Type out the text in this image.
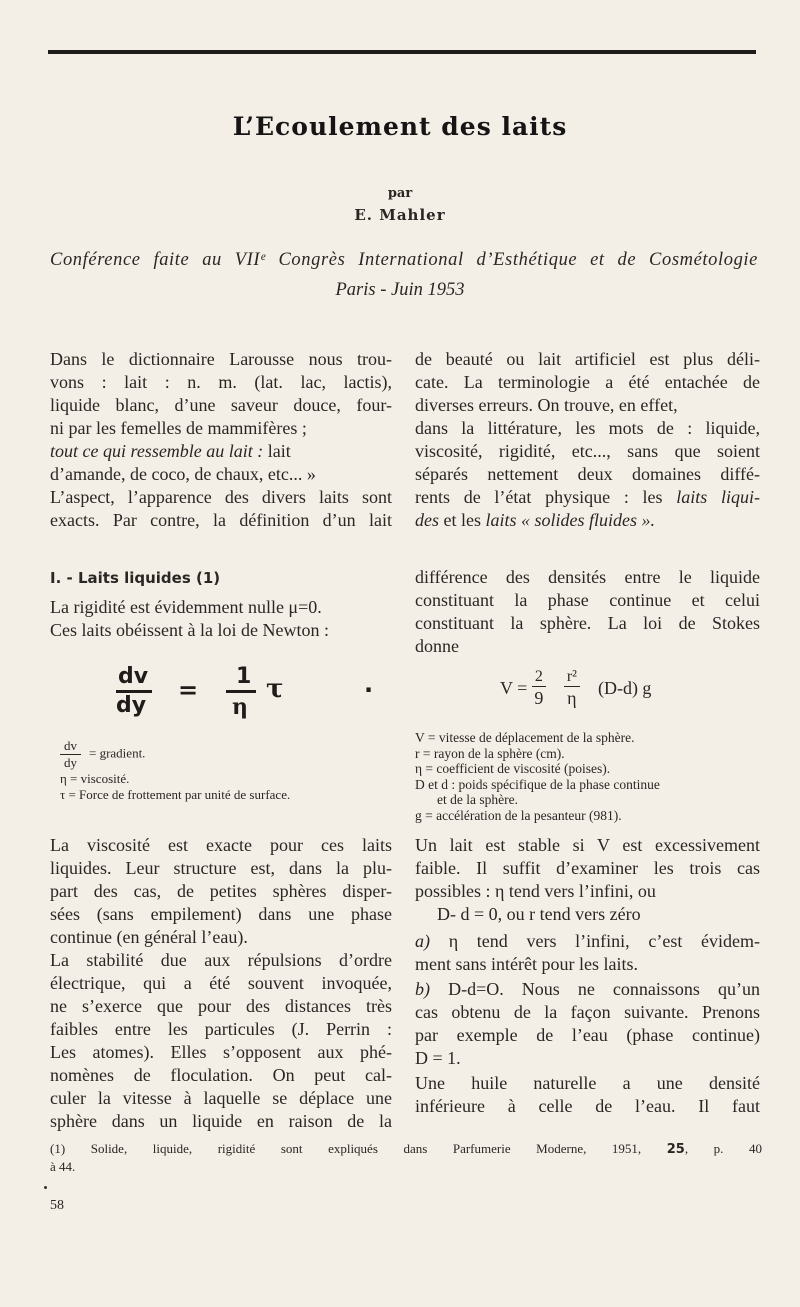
L’Ecoulement des laits
par
E. Mahler
Conférence faite au VIIᵉ Congrès International d’Esthétique et de Cosmétologie
Paris - Juin 1953

Dans le dictionnaire Larousse nous trou-

vons : lait : n. m. (lat. lac, lactis),

liquide blanc, d’une saveur douce, four-

ni par les femelles de mammifères ;

tout ce qui ressemble au lait : lait

d’amande, de coco, de chaux, etc... »

L’aspect, l’apparence des divers laits sont

exacts. Par contre, la définition d’un lait

de beauté ou lait artificiel est plus déli-

cate. La terminologie a été entachée de

diverses erreurs. On trouve, en effet,

dans la littérature, les mots de : liquide,

viscosité, rigidité, etc..., sans que soient

séparés nettement deux domaines diffé-

rents de l’état physique : les laits liqui-

des et les laits « solides fluides ».

I. - Laits liquides (1)

La rigidité est évidemment nulle μ=0.

Ces laits obéissent à la loi de Newton :

dv
dy
= 1
η
τ	.
$\frac{dv}{dy}$ = gradient.
η = viscosité.
τ = Force de frottement par unité de surface.

La viscosité est exacte pour ces laits

liquides. Leur structure est, dans la plu-

part des cas, de petites sphères disper-

sées (sans empilement) dans une phase

continue (en général l’eau).

La stabilité due aux répulsions d’ordre

électrique, qui a été souvent invoquée,

ne s’exerce que pour des distances très

faibles entre les particules (J. Perrin :

Les atomes). Elles s’opposent aux phé-

nomènes de floculation. On peut cal-

culer la vitesse à laquelle se déplace une

sphère dans un liquide en raison de la

différence des densités entre le liquide

constituant la phase continue et celui

constituant la sphère. La loi de Stokes

donne

$V = \frac{2}{9}$
$\frac{\text{r²}}{\eta} (D-d)$ g
V = vitesse de déplacement de la sphère.
r = rayon de la sphère (cm).
η = coefficient de viscosité (poises).
D et d : poids spécifique de la phase continue
et de la sphère.
g = accélération de la pesanteur (981).

Un lait est stable si V est excessivement

faible. Il suffit d’examiner les trois cas

possibles : η tend vers l’infini, ou

D- d = 0, ou r tend vers zéro

a) η tend vers l’infini, c’est évidem-

ment sans intérêt pour les laits.

b) D-d=O. Nous ne connaissons qu’un

cas obtenu de la façon suivante. Prenons

par exemple de l’eau (phase continue)

D = 1.

Une huile naturelle a une densité

inférieure à celle de l’eau. Il faut

(1) Solide, liquide, rigidité sont expliqués dans Parfumerie Moderne, 1951, 25, p. 40
à 44.
58
